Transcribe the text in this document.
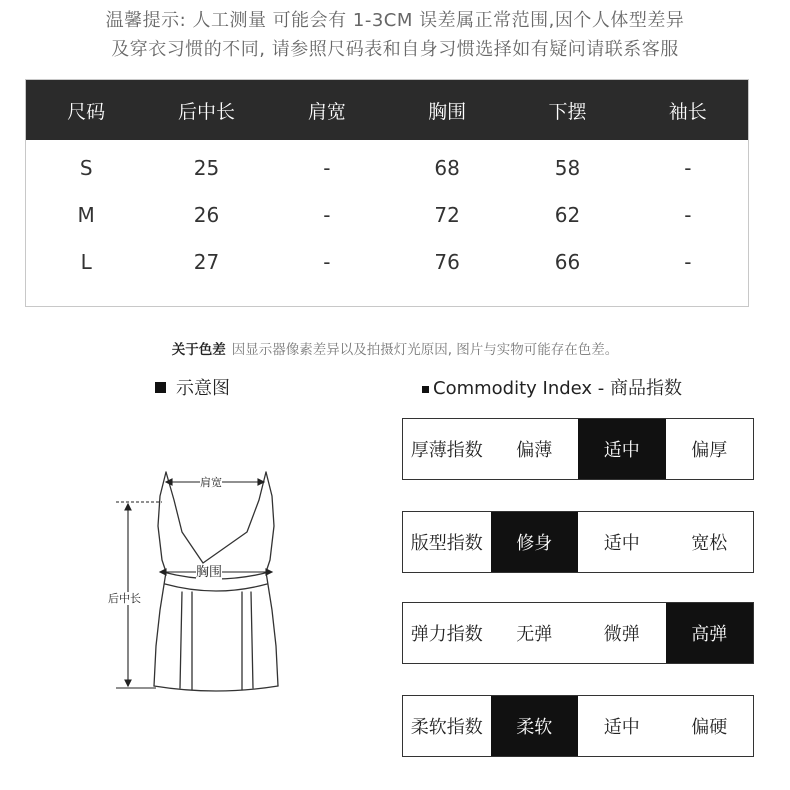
温馨提示: 人工测量 可能会有 1-3CM 误差属正常范围,因个人体型差异
及穿衣习惯的不同, 请参照尺码表和自身习惯选择如有疑问请联系客服
尺码	后中长	肩宽	胸围	下摆	袖长
S	25	-	68	58	-
M	26	-	72	62	-
L	27	-	76	66	-
关于色差 因显示器像素差异以及拍摄灯光原因, 图片与实物可能存在色差。
示意图	Commodity Index - 商品指数
肩宽
胸围
后中长
厚薄指数	偏薄	适中	偏厚
版型指数	修身	适中	宽松
弹力指数	无弹	微弹	高弹
柔软指数	柔软	适中	偏硬
